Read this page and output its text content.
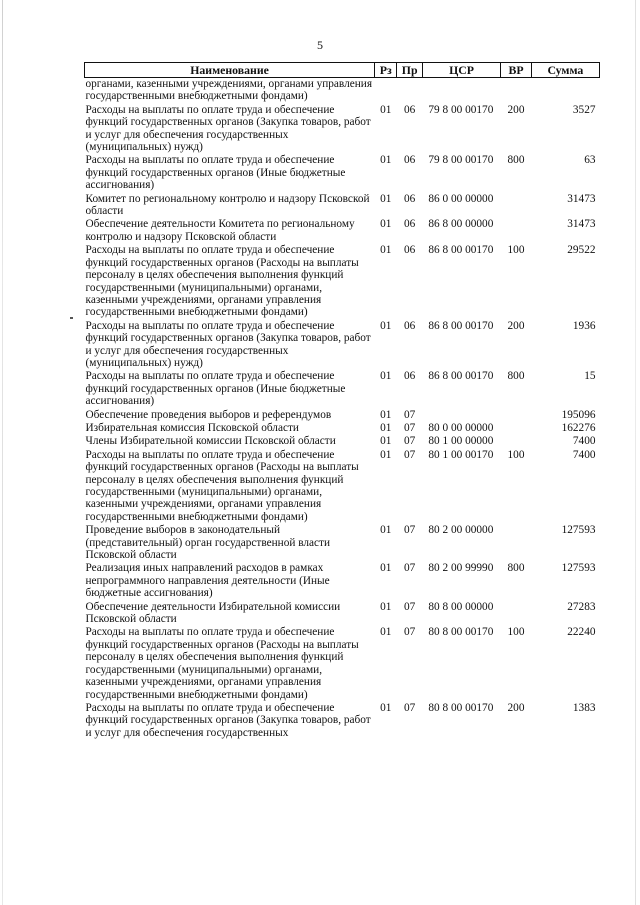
5
Наименование	Рз	Пр	ЦСР	ВР	Сумма
органами, казенными учреждениями, органами управления государственными внебюджетными фондами)					
Расходы на выплаты по оплате труда и обеспечение функций государственных органов (Закупка товаров, работ и услуг для обеспечения государственных (муниципальных) нужд)	01	06	79 8 00 00170	200	3527
Расходы на выплаты по оплате труда и обеспечение функций государственных органов (Иные бюджетные ассигнования)	01	06	79 8 00 00170	800	63
Комитет по региональному контролю и надзору Псковской области	01	06	86 0 00 00000		31473
Обеспечение деятельности Комитета по региональному контролю и надзору Псковской области	01	06	86 8 00 00000		31473
Расходы на выплаты по оплате труда и обеспечение функций государственных органов (Расходы на выплаты персоналу в целях обеспечения выполнения функций государственными (муниципальными) органами, казенными учреждениями, органами управления государственными внебюджетными фондами)	01	06	86 8 00 00170	100	29522
Расходы на выплаты по оплате труда и обеспечение функций государственных органов (Закупка товаров, работ и услуг для обеспечения государственных (муниципальных) нужд)	01	06	86 8 00 00170	200	1936
Расходы на выплаты по оплате труда и обеспечение функций государственных органов (Иные бюджетные ассигнования)	01	06	86 8 00 00170	800	15
Обеспечение проведения выборов и референдумов	01	07			195096
Избирательная комиссия Псковской области	01	07	80 0 00 00000		162276
Члены Избирательной комиссии Псковской области	01	07	80 1 00 00000		7400
Расходы на выплаты по оплате труда и обеспечение функций государственных органов (Расходы на выплаты персоналу в целях обеспечения выполнения функций государственными (муниципальными) органами, казенными учреждениями, органами управления государственными внебюджетными фондами)	01	07	80 1 00 00170	100	7400
Проведение выборов в законодательный (представительный) орган государственной власти Псковской области	01	07	80 2 00 00000		127593
Реализация иных направлений расходов в рамках непрограммного направления деятельности (Иные бюджетные ассигнования)	01	07	80 2 00 99990	800	127593
Обеспечение деятельности Избирательной комиссии Псковской области	01	07	80 8 00 00000		27283
Расходы на выплаты по оплате труда и обеспечение функций государственных органов (Расходы на выплаты персоналу в целях обеспечения выполнения функций государственными (муниципальными) органами, казенными учреждениями, органами управления государственными внебюджетными фондами)	01	07	80 8 00 00170	100	22240
Расходы на выплаты по оплате труда и обеспечение функций государственных органов (Закупка товаров, работ и услуг для обеспечения государственных	01	07	80 8 00 00170	200	1383
